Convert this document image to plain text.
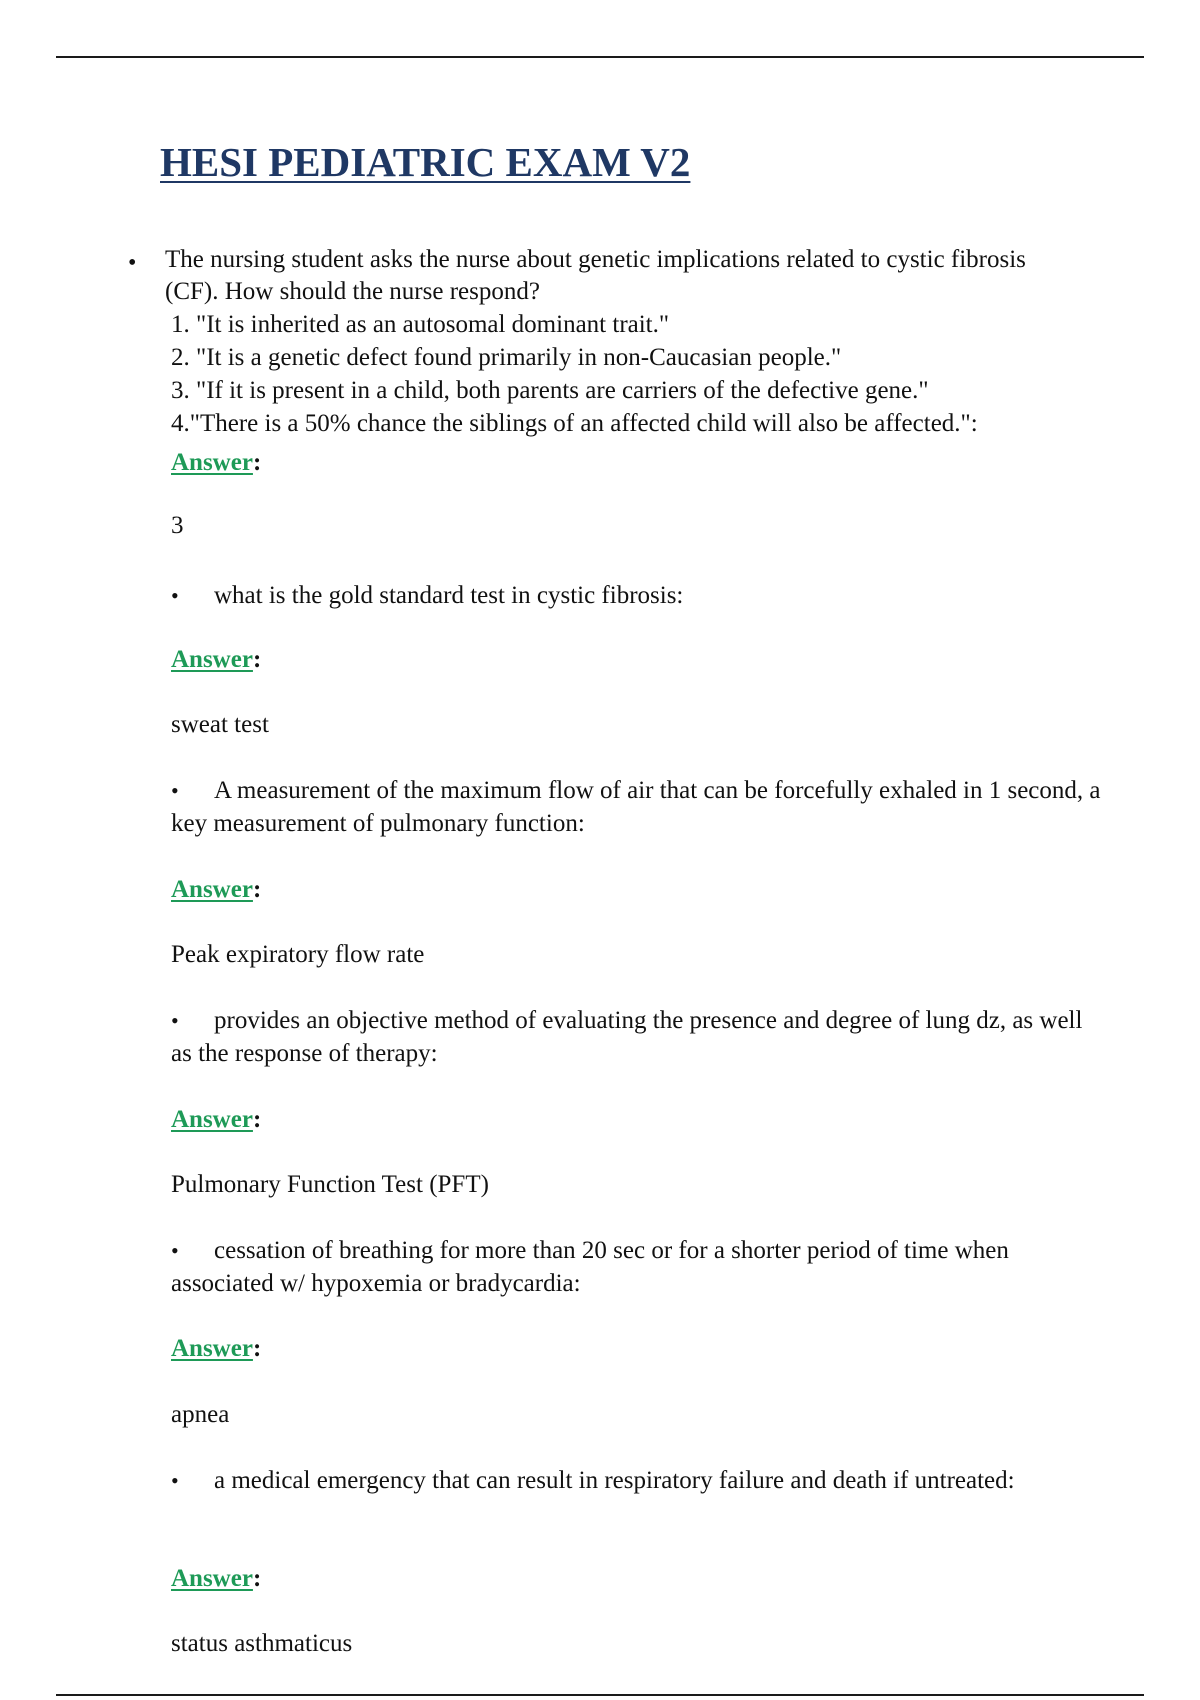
HESI PEDIATRIC EXAM V2
• The nursing student asks the nurse about genetic implications related to cystic fibrosis (CF). How should the nurse respond?
1. "It is inherited as an autosomal dominant trait."
2. "It is a genetic defect found primarily in non-Caucasian people."
3. "If it is present in a child, both parents are carriers of the defective gene."
4."There is a 50% chance the siblings of an affected child will also be affected.":

Answer:

3

• what is the gold standard test in cystic fibrosis:

Answer:

sweat test

• A measurement of the maximum flow of air that can be forcefully exhaled in 1 second, a key measurement of pulmonary function:

Answer:

Peak expiratory flow rate

• provides an objective method of evaluating the presence and degree of lung dz, as well as the response of therapy:

Answer:

Pulmonary Function Test (PFT)

• cessation of breathing for more than 20 sec or for a shorter period of time when associated w/ hypoxemia or bradycardia:

Answer:

apnea

• a medical emergency that can result in respiratory failure and death if untreated:

Answer:

status asthmaticus
